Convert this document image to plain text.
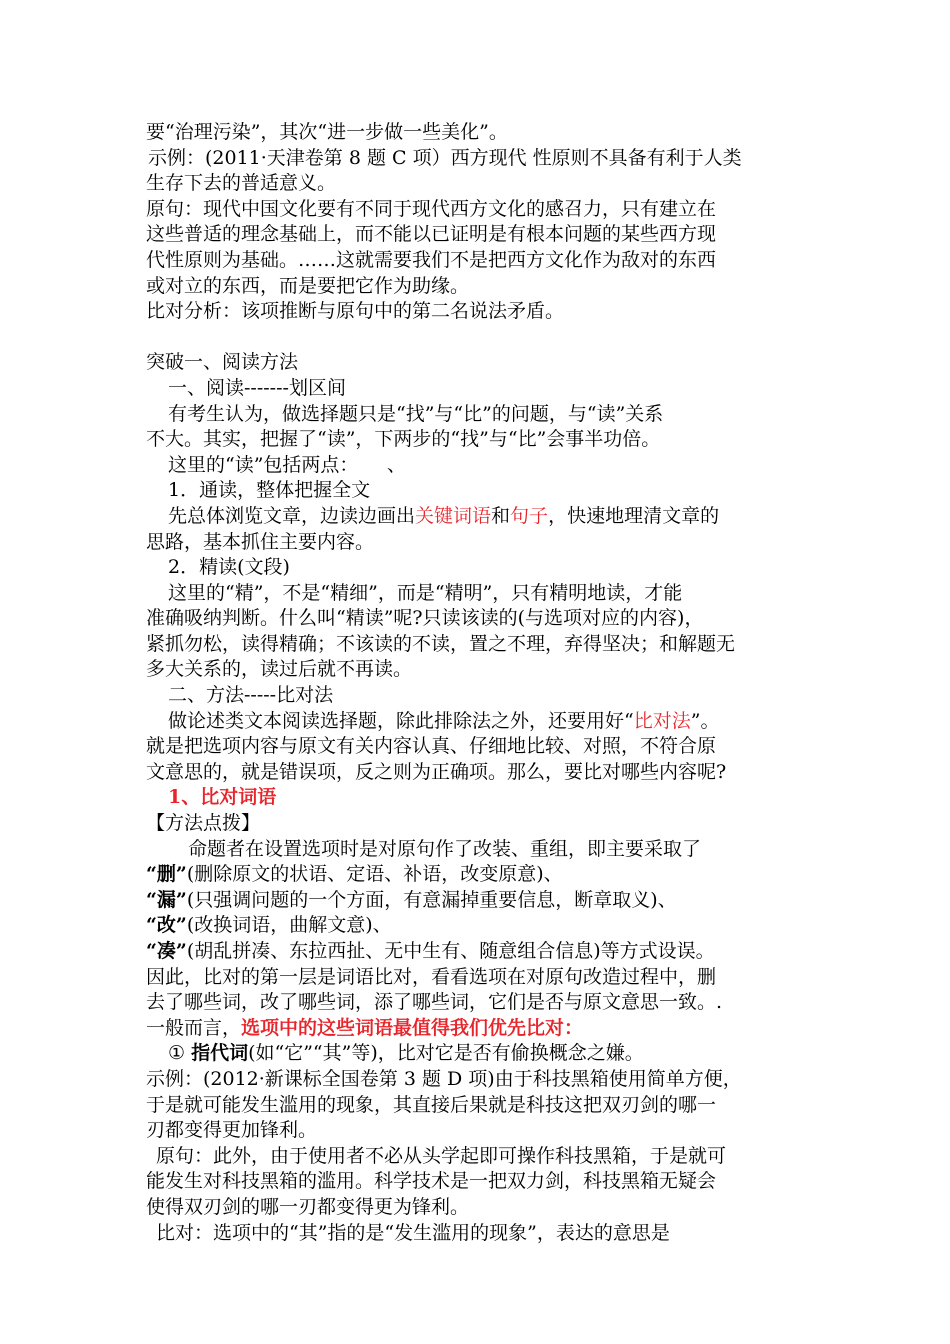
要“治理污染”，其次“进一步做一些美化”。
示例：(2011·天津卷第 8 题 C 项）西方现代 性原则不具备有利于人类
生存下去的普适意义。
原句：现代中国文化要有不同于现代西方文化的感召力，只有建立在
这些普适的理念基础上，而不能以已证明是有根本问题的某些西方现
代性原则为基础。……这就需要我们不是把西方文化作为敌对的东西
或对立的东西，而是要把它作为助缘。
比对分析：该项推断与原句中的第二名说法矛盾。
突破一、阅读方法
一、阅读-------划区间
有考生认为，做选择题只是“找”与“比”的问题，与“读”关系
不大。其实，把握了“读”，下两步的“找”与“比”会事半功倍。
这里的“读”包括两点：　　、
1．通读，整体把握全文
先总体浏览文章，边读边画出关键词语和句子，快速地理清文章的
思路，基本抓住主要内容。
2．精读(文段)
这里的“精”，不是“精细”，而是“精明”，只有精明地读，才能
准确吸纳判断。什么叫“精读”呢?只读该读的(与选项对应的内容)，
紧抓勿松，读得精确；不该读的不读，置之不理，弃得坚决；和解题无
多大关系的，读过后就不再读。
二、方法-----比对法
做论述类文本阅读选择题，除此排除法之外，还要用好“比对法”。
就是把选项内容与原文有关内容认真、仔细地比较、对照，不符合原
文意思的，就是错误项，反之则为正确项。那么，要比对哪些内容呢?
1、比对词语
【方法点拨】
命题者在设置选项时是对原句作了改装、重组，即主要采取了
“删”(删除原文的状语、定语、补语，改变原意)、
“漏”(只强调问题的一个方面，有意漏掉重要信息，断章取义)、
“改”(改换词语，曲解文意)、
“凑”(胡乱拼凑、东拉西扯、无中生有、随意组合信息)等方式设误。
因此，比对的第一层是词语比对，看看选项在对原句改造过程中，删
去了哪些词，改了哪些词，添了哪些词，它们是否与原文意思一致。.
一般而言，选项中的这些词语最值得我们优先比对：
① 指代词(如“它”“其”等)，比对它是否有偷换概念之嫌。
示例：(2012·新课标全国卷第 3 题 D 项)由于科技黑箱使用简单方便，
于是就可能发生滥用的现象，其直接后果就是科技这把双刃剑的哪一
刃都变得更加锋利。
原句：此外，由于使用者不必从头学起即可操作科技黑箱，于是就可
能发生对科技黑箱的滥用。科学技术是一把双力剑，科技黑箱无疑会
使得双刃剑的哪一刃都变得更为锋利。
比对：选项中的“其”指的是“发生滥用的现象”，表达的意思是
